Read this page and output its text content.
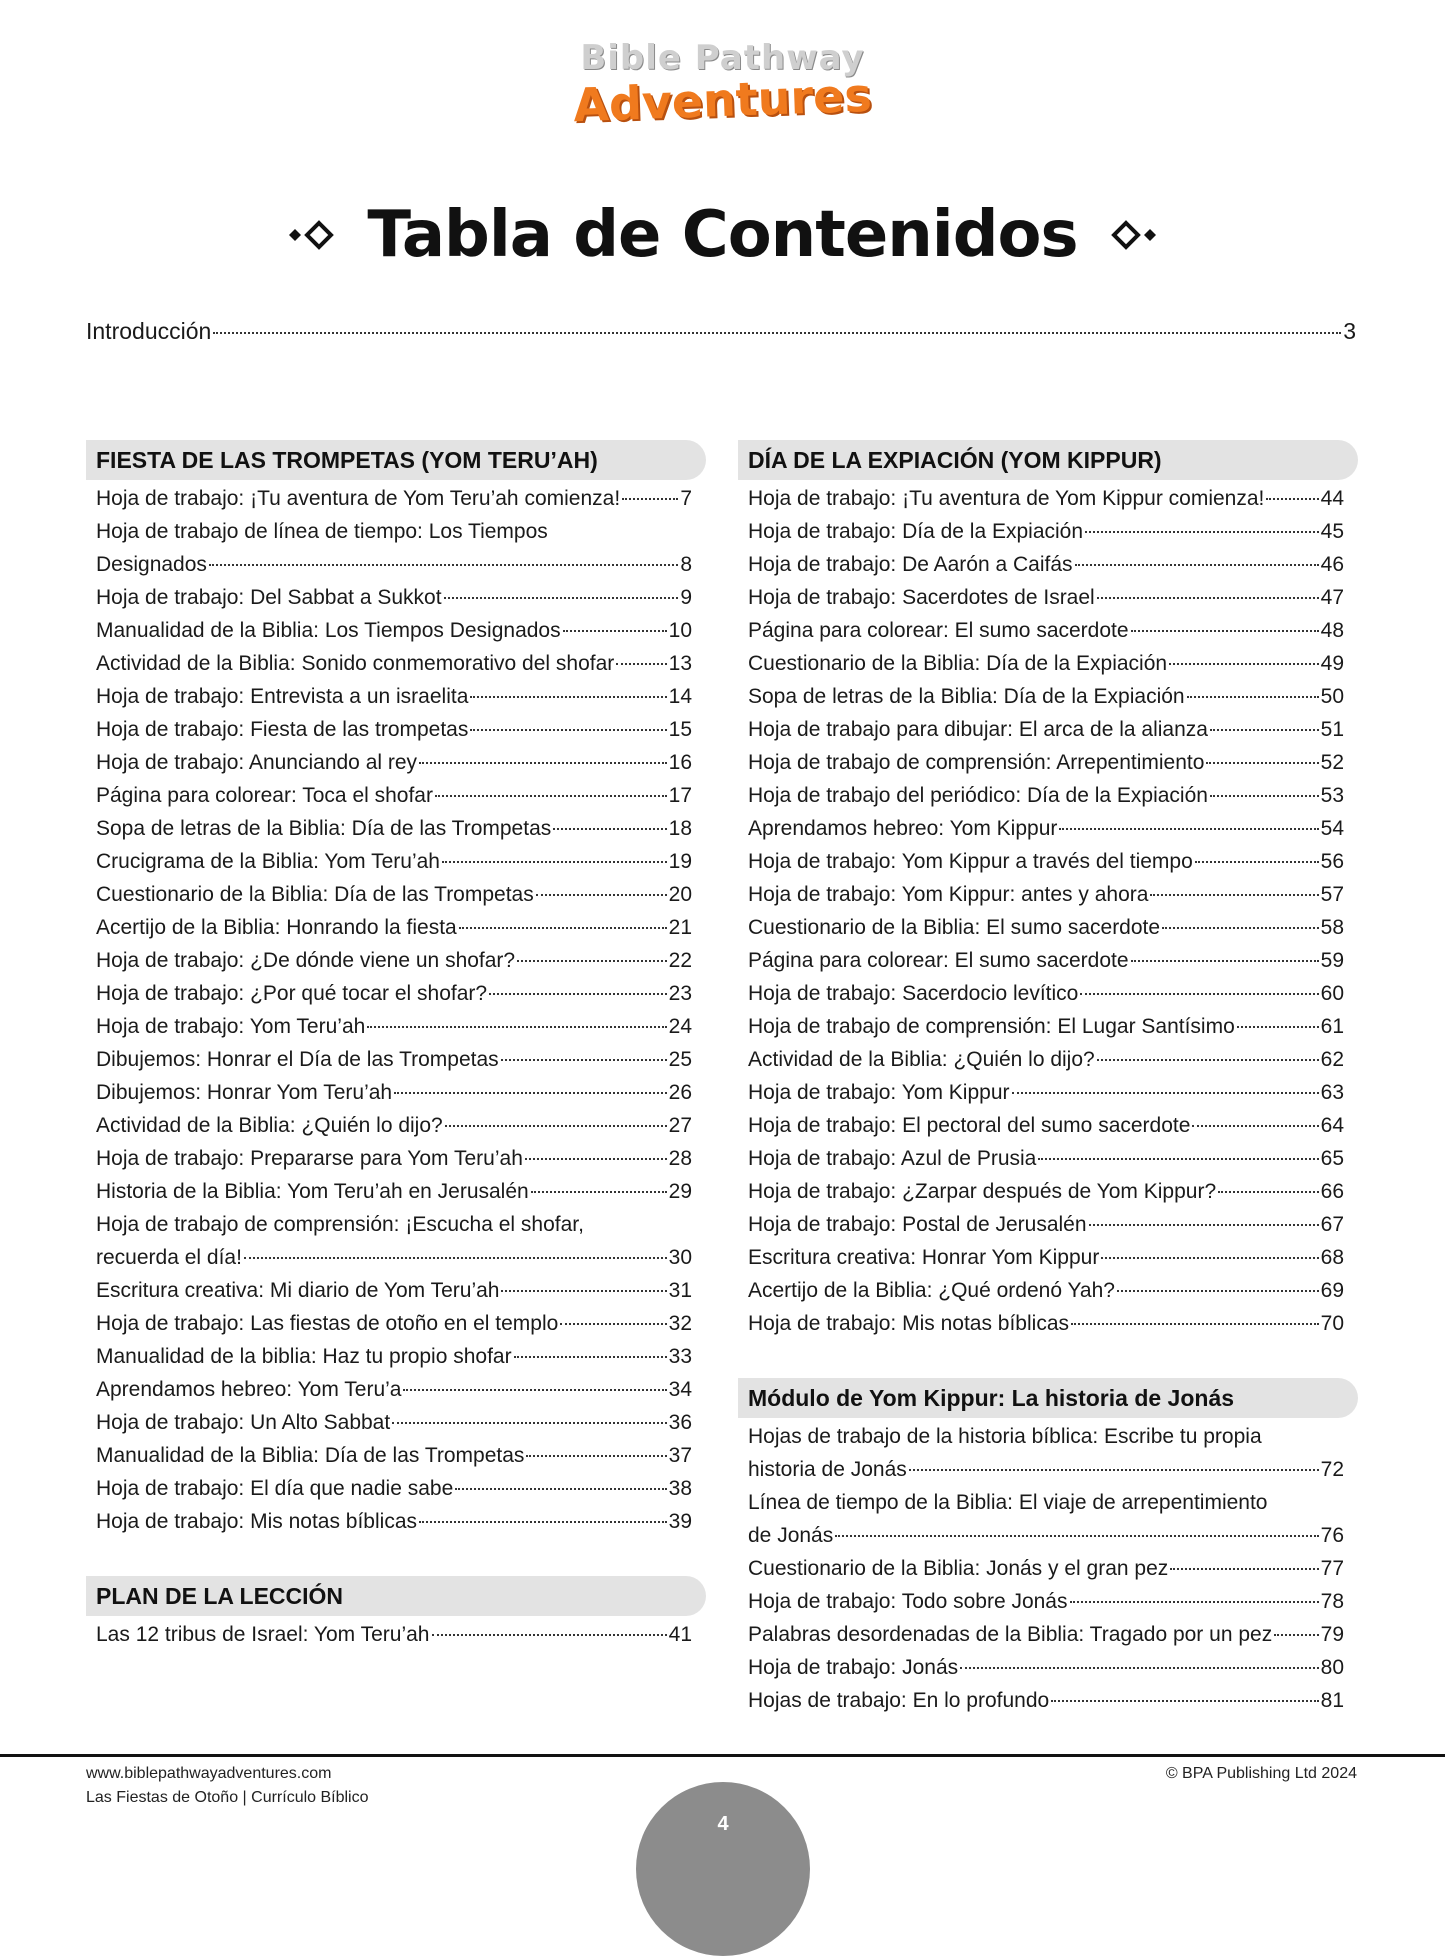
Bible Pathway
Adventures
Tabla de Contenidos
Introducción	3
FIESTA DE LAS TROMPETAS (YOM TERU’AH)
Hoja de trabajo: ¡Tu aventura de Yom Teru’ah comienza!	7
Hoja de trabajo de línea de tiempo: Los Tiempos
Designados	8
Hoja de trabajo: Del Sabbat a Sukkot	9
Manualidad de la Biblia: Los Tiempos Designados	10
Actividad de la Biblia: Sonido conmemorativo del shofar	13
Hoja de trabajo: Entrevista a un israelita	14
Hoja de trabajo: Fiesta de las trompetas	15
Hoja de trabajo: Anunciando al rey	16
Página para colorear: Toca el shofar	17
Sopa de letras de la Biblia: Día de las Trompetas	18
Crucigrama de la Biblia: Yom Teru’ah	19
Cuestionario de la Biblia: Día de las Trompetas	20
Acertijo de la Biblia: Honrando la fiesta	21
Hoja de trabajo: ¿De dónde viene un shofar?	22
Hoja de trabajo: ¿Por qué tocar el shofar?	23
Hoja de trabajo: Yom Teru’ah	24
Dibujemos: Honrar el Día de las Trompetas	25
Dibujemos: Honrar Yom Teru’ah	26
Actividad de la Biblia: ¿Quién lo dijo?	27
Hoja de trabajo: Prepararse para Yom Teru’ah	28
Historia de la Biblia: Yom Teru’ah en Jerusalén	29
Hoja de trabajo de comprensión: ¡Escucha el shofar,
recuerda el día!	30
Escritura creativa: Mi diario de Yom Teru’ah	31
Hoja de trabajo: Las fiestas de otoño en el templo	32
Manualidad de la biblia: Haz tu propio shofar	33
Aprendamos hebreo: Yom Teru’a	34
Hoja de trabajo: Un Alto Sabbat	36
Manualidad de la Biblia: Día de las Trompetas	37
Hoja de trabajo: El día que nadie sabe	38
Hoja de trabajo: Mis notas bíblicas	39
PLAN DE LA LECCIÓN
Las 12 tribus de Israel: Yom Teru’ah	41
DÍA DE LA EXPIACIÓN (YOM KIPPUR)
Hoja de trabajo: ¡Tu aventura de Yom Kippur comienza!	44
Hoja de trabajo: Día de la Expiación	45
Hoja de trabajo: De Aarón a Caifás	46
Hoja de trabajo: Sacerdotes de Israel	47
Página para colorear: El sumo sacerdote	48
Cuestionario de la Biblia: Día de la Expiación	49
Sopa de letras de la Biblia: Día de la Expiación	50
Hoja de trabajo para dibujar: El arca de la alianza	51
Hoja de trabajo de comprensión: Arrepentimiento	52
Hoja de trabajo del periódico: Día de la Expiación	53
Aprendamos hebreo: Yom Kippur	54
Hoja de trabajo: Yom Kippur a través del tiempo	56
Hoja de trabajo: Yom Kippur: antes y ahora	57
Cuestionario de la Biblia: El sumo sacerdote	58
Página para colorear: El sumo sacerdote	59
Hoja de trabajo: Sacerdocio levítico	60
Hoja de trabajo de comprensión: El Lugar Santísimo	61
Actividad de la Biblia: ¿Quién lo dijo?	62
Hoja de trabajo: Yom Kippur	63
Hoja de trabajo: El pectoral del sumo sacerdote	64
Hoja de trabajo: Azul de Prusia	65
Hoja de trabajo: ¿Zarpar después de Yom Kippur?	66
Hoja de trabajo: Postal de Jerusalén	67
Escritura creativa: Honrar Yom Kippur	68
Acertijo de la Biblia: ¿Qué ordenó Yah?	69
Hoja de trabajo: Mis notas bíblicas	70
Módulo de Yom Kippur: La historia de Jonás
Hojas de trabajo de la historia bíblica: Escribe tu propia
historia de Jonás	72
Línea de tiempo de la Biblia: El viaje de arrepentimiento
de Jonás	76
Cuestionario de la Biblia: Jonás y el gran pez	77
Hoja de trabajo: Todo sobre Jonás	78
Palabras desordenadas de la Biblia: Tragado por un pez 79
Hoja de trabajo: Jonás	80
Hojas de trabajo: En lo profundo	81
www.biblepathwayadventures.com
Las Fiestas de Otoño | Currículo Bíblico
© BPA Publishing Ltd 2024
4
